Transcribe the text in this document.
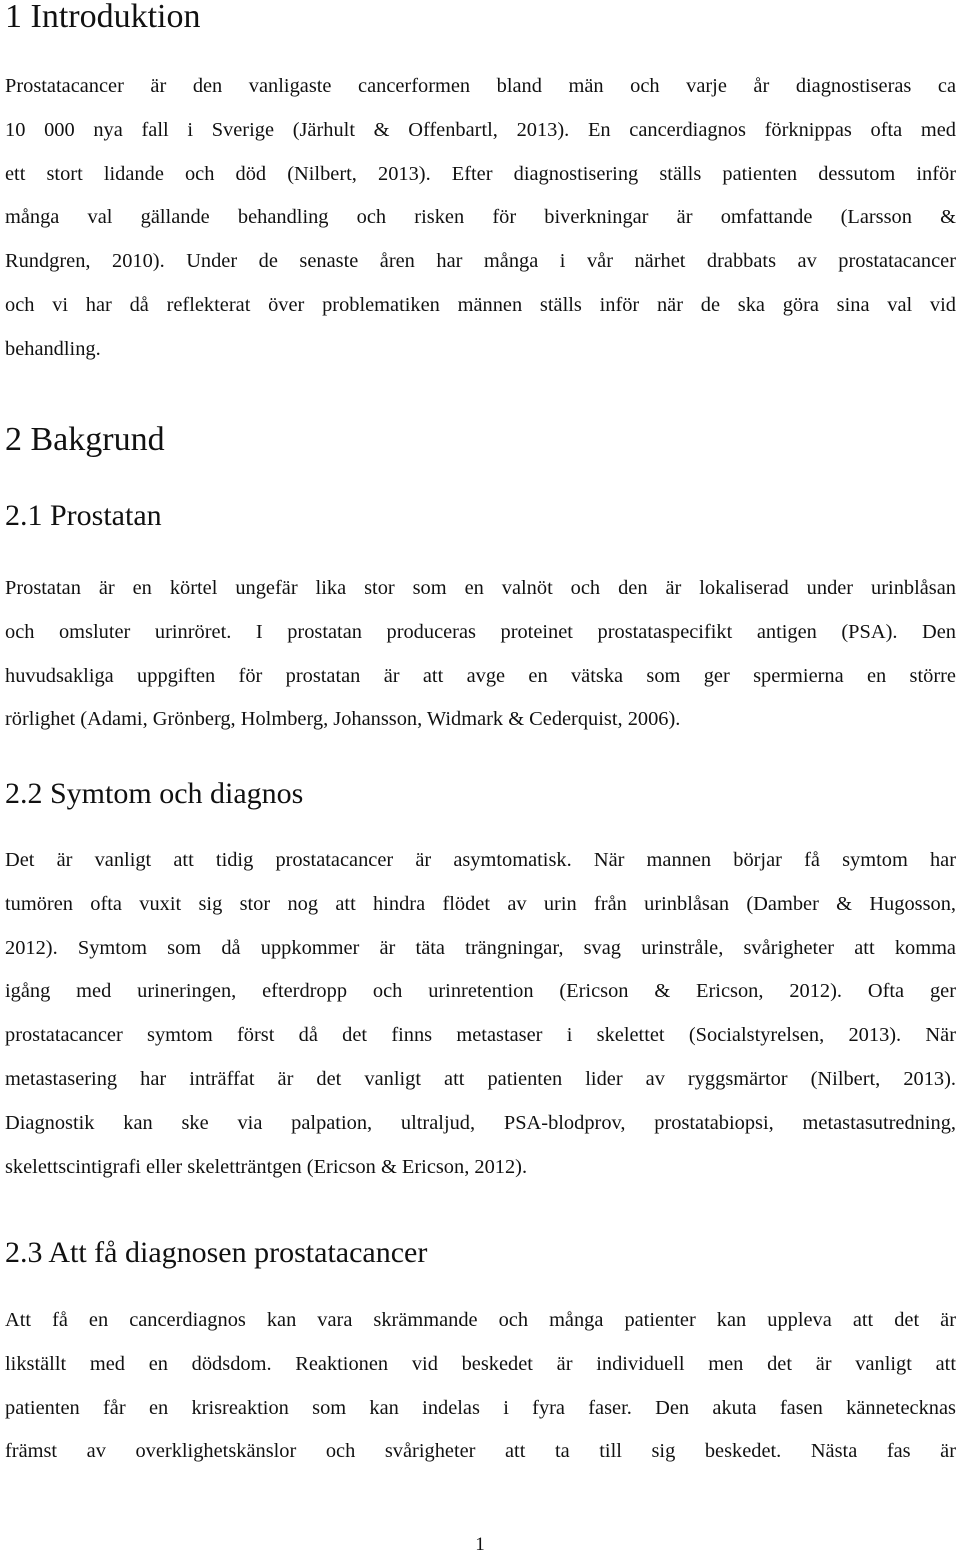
1 Introduktion
Prostatacancer är den vanligaste cancerformen bland män och varje år diagnostiseras ca
10 000 nya fall i Sverige (Järhult & Offenbartl, 2013). En cancerdiagnos förknippas ofta med
ett stort lidande och död (Nilbert, 2013). Efter diagnostisering ställs patienten dessutom inför
många val gällande behandling och risken för biverkningar är omfattande (Larsson &
Rundgren, 2010). Under de senaste åren har många i vår närhet drabbats av prostatacancer
och vi har då reflekterat över problematiken männen ställs inför när de ska göra sina val vid
behandling.
2 Bakgrund
2.1 Prostatan
Prostatan är en körtel ungefär lika stor som en valnöt och den är lokaliserad under urinblåsan
och omsluter urinröret. I prostatan produceras proteinet prostataspecifikt antigen (PSA). Den
huvudsakliga uppgiften för prostatan är att avge en vätska som ger spermierna en större
rörlighet (Adami, Grönberg, Holmberg, Johansson, Widmark & Cederquist, 2006).
2.2 Symtom och diagnos
Det är vanligt att tidig prostatacancer är asymtomatisk. När mannen börjar få symtom har
tumören ofta vuxit sig stor nog att hindra flödet av urin från urinblåsan (Damber & Hugosson,
2012). Symtom som då uppkommer är täta trängningar, svag urinstråle, svårigheter att komma
igång med urineringen, efterdropp och urinretention (Ericson & Ericson, 2012). Ofta ger
prostatacancer symtom först då det finns metastaser i skelettet (Socialstyrelsen, 2013). När
metastasering har inträffat är det vanligt att patienten lider av ryggsmärtor (Nilbert, 2013).
Diagnostik kan ske via palpation, ultraljud, PSA-blodprov, prostatabiopsi, metastasutredning,
skelettscintigrafi eller skeletträntgen (Ericson & Ericson, 2012).
2.3 Att få diagnosen prostatacancer
Att få en cancerdiagnos kan vara skrämmande och många patienter kan uppleva att det är
likställt med en dödsdom. Reaktionen vid beskedet är individuell men det är vanligt att
patienten får en krisreaktion som kan indelas i fyra faser. Den akuta fasen kännetecknas
främst av overklighetskänslor och svårigheter att ta till sig beskedet. Nästa fas är

1
